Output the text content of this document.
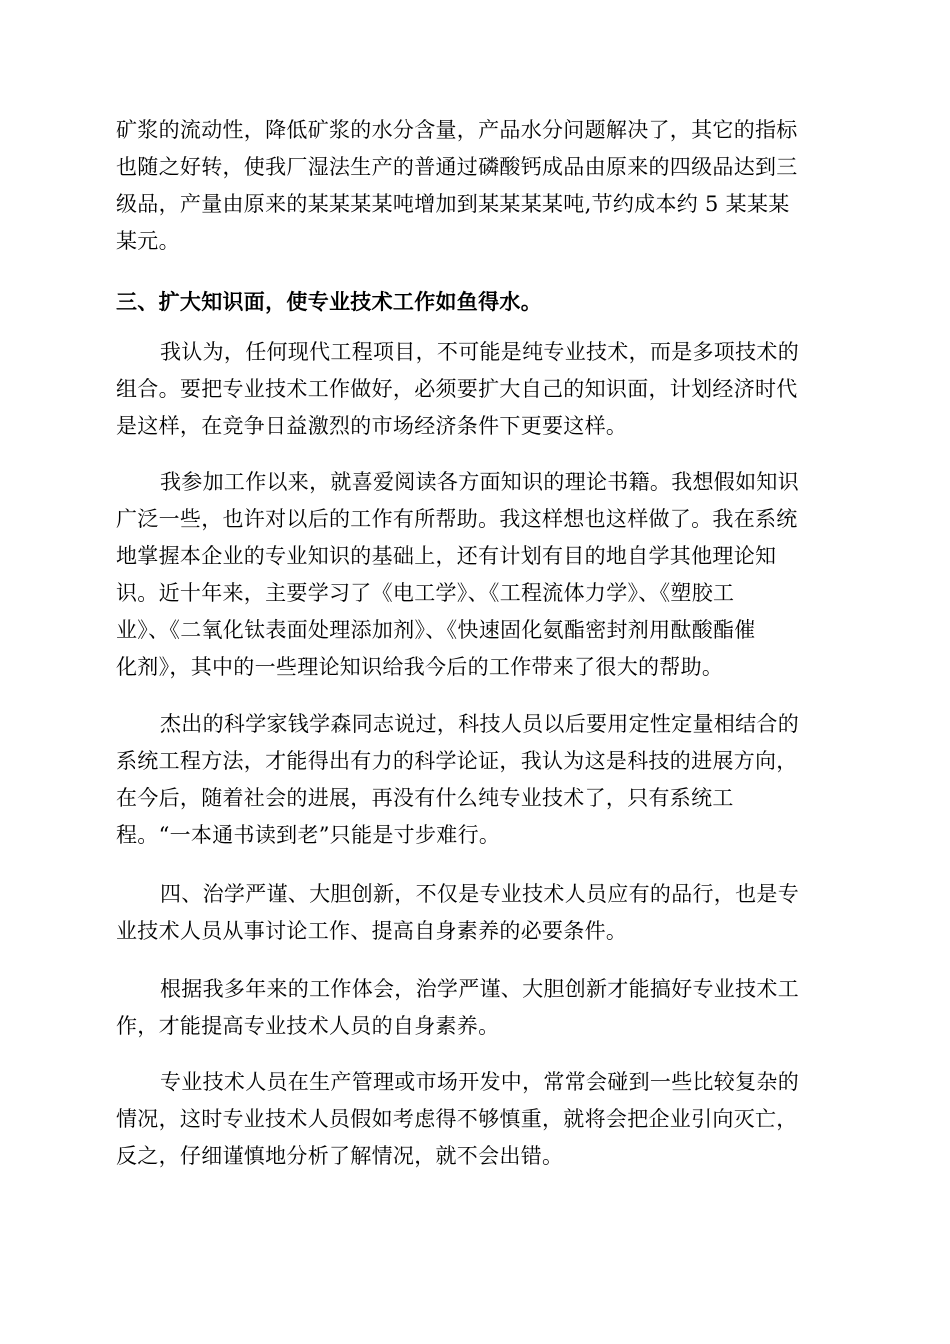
矿浆的流动性，降低矿浆的水分含量，产品水分问题解决了，其它的指标
也随之好转，使我厂湿法生产的普通过磷酸钙成品由原来的四级品达到三
级品，产量由原来的某某某某吨增加到某某某某吨,节约成本约 5 某某某
某元。
三、扩大知识面，使专业技术工作如鱼得水。
我认为，任何现代工程项目，不可能是纯专业技术，而是多项技术的
组合。要把专业技术工作做好，必须要扩大自己的知识面，计划经济时代
是这样，在竞争日益激烈的市场经济条件下更要这样。
我参加工作以来，就喜爱阅读各方面知识的理论书籍。我想假如知识
广泛一些，也许对以后的工作有所帮助。我这样想也这样做了。我在系统
地掌握本企业的专业知识的基础上，还有计划有目的地自学其他理论知
识。近十年来，主要学习了《电工学》、《工程流体力学》、《塑胶工
业》、《二氧化钛表面处理添加剂》、《快速固化氨酯密封剂用酞酸酯催
化剂》，其中的一些理论知识给我今后的工作带来了很大的帮助。
杰出的科学家钱学森同志说过，科技人员以后要用定性定量相结合的
系统工程方法，才能得出有力的科学论证，我认为这是科技的进展方向，
在今后，随着社会的进展，再没有什么纯专业技术了，只有系统工
程。“一本通书读到老”只能是寸步难行。
四、治学严谨、大胆创新，不仅是专业技术人员应有的品行，也是专
业技术人员从事讨论工作、提高自身素养的必要条件。
根据我多年来的工作体会，治学严谨、大胆创新才能搞好专业技术工
作，才能提高专业技术人员的自身素养。
专业技术人员在生产管理或市场开发中，常常会碰到一些比较复杂的
情况，这时专业技术人员假如考虑得不够慎重，就将会把企业引向灭亡，
反之，仔细谨慎地分析了解情况，就不会出错。
